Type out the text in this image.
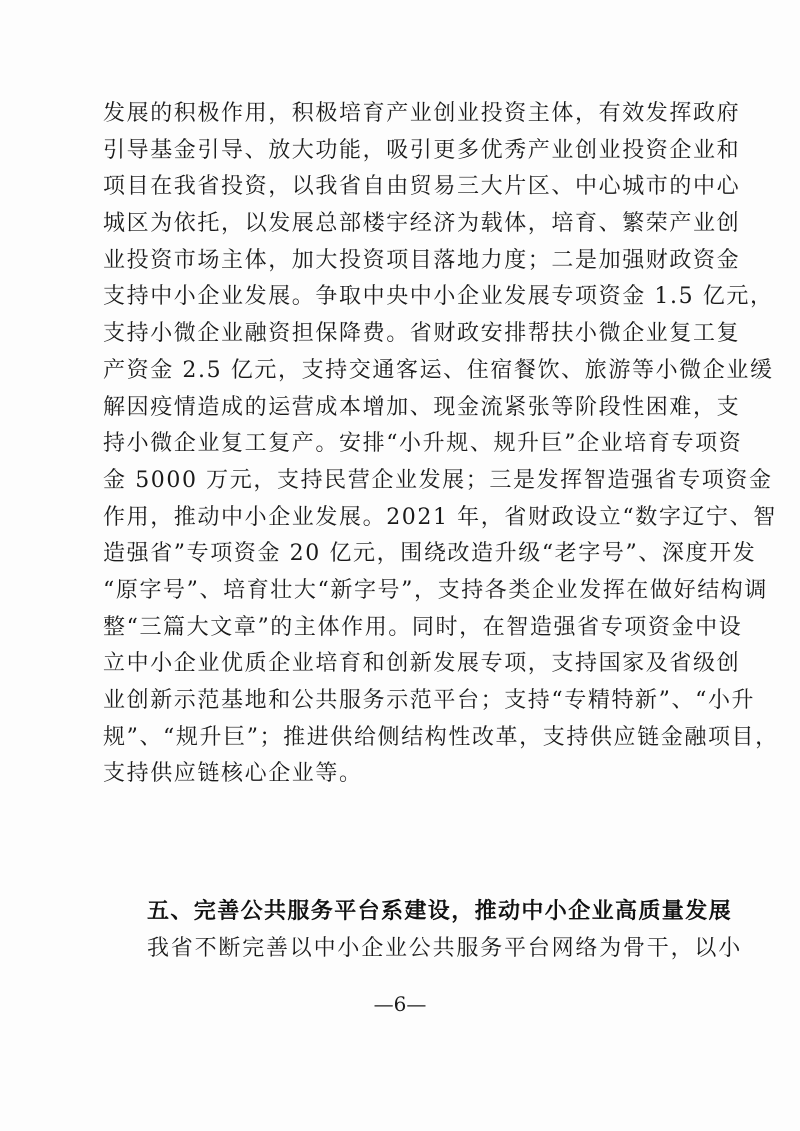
发展的积极作用，积极培育产业创业投资主体，有效发挥政府
引导基金引导、放大功能，吸引更多优秀产业创业投资企业和
项目在我省投资，以我省自由贸易三大片区、中心城市的中心
城区为依托，以发展总部楼宇经济为载体，培育、繁荣产业创
业投资市场主体，加大投资项目落地力度；二是加强财政资金
支持中小企业发展。争取中央中小企业发展专项资金 1.5 亿元，
支持小微企业融资担保降费。省财政安排帮扶小微企业复工复
产资金 2.5 亿元，支持交通客运、住宿餐饮、旅游等小微企业缓
解因疫情造成的运营成本增加、现金流紧张等阶段性困难，支
持小微企业复工复产。安排“小升规、规升巨”企业培育专项资
金 5000 万元，支持民营企业发展；三是发挥智造强省专项资金
作用，推动中小企业发展。2021 年，省财政设立“数字辽宁、智
造强省”专项资金 20 亿元，围绕改造升级“老字号”、深度开发
“原字号”、培育壮大“新字号”，支持各类企业发挥在做好结构调
整“三篇大文章”的主体作用。同时，在智造强省专项资金中设
立中小企业优质企业培育和创新发展专项，支持国家及省级创
业创新示范基地和公共服务示范平台；支持“专精特新”、“小升
规”、“规升巨”；推进供给侧结构性改革，支持供应链金融项目，
支持供应链核心企业等。
五、完善公共服务平台系建设，推动中小企业高质量发展
我省不断完善以中小企业公共服务平台网络为骨干，以小
—6—
